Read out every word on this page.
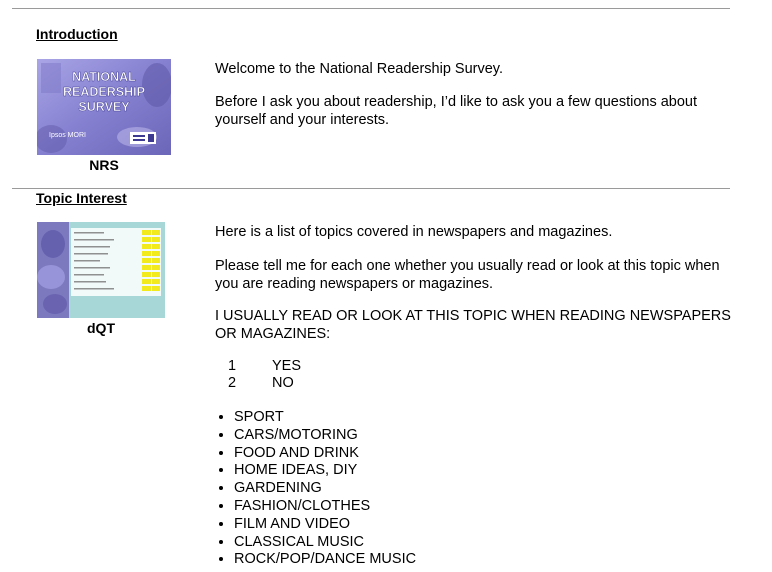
Introduction
NATIONAL
READERSHIP
SURVEY
Ipsos MORI
NRS

Welcome to the National Readership Survey.

Before I ask you about readership, I’d like to ask you a few questions about yourself and your interests.

Topic Interest
dQT

Here is a list of topics covered in newspapers and magazines.

Please tell me for each one whether you usually read or look at this topic when you are reading newspapers or magazines.

I USUALLY READ OR LOOK AT THIS TOPIC WHEN READING NEWSPAPERS OR MAGAZINES:

1 YES
2 NO
• SPORT
• CARS/MOTORING
• FOOD AND DRINK
• HOME IDEAS, DIY
• GARDENING
• FASHION/CLOTHES
• FILM AND VIDEO
• CLASSICAL MUSIC
• ROCK/POP/DANCE MUSIC
